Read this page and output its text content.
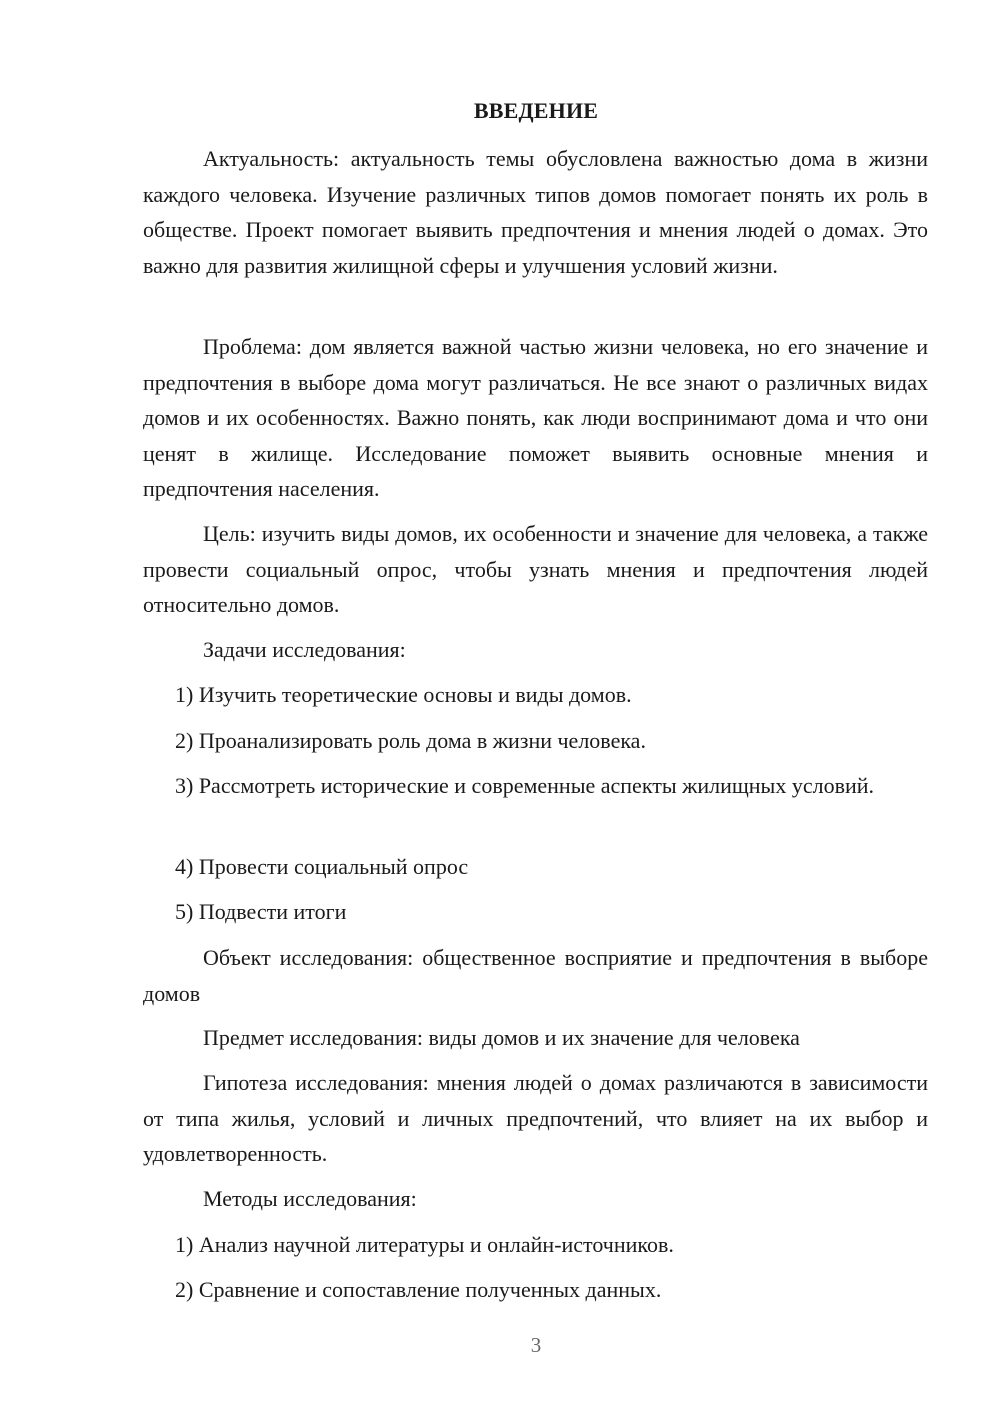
ВВЕДЕНИЕ

Актуальность: актуальность темы обусловлена важностью дома в жизни каждого человека. Изучение различных типов домов помогает понять их роль в обществе. Проект помогает выявить предпочтения и мнения людей о домах. Это важно для развития жилищной сферы и улучшения условий жизни.

Проблема: дом является важной частью жизни человека, но его значение и предпочтения в выборе дома могут различаться. Не все знают о различных видах домов и их особенностях. Важно понять, как люди воспринимают дома и что они ценят в жилище. Исследование поможет выявить основные мнения и предпочтения населения.

Цель: изучить виды домов, их особенности и значение для человека, а также провести социальный опрос, чтобы узнать мнения и предпочтения людей относительно домов.

Задачи исследования:

1) Изучить теоретические основы и виды домов.

2) Проанализировать роль дома в жизни человека.

3) Рассмотреть исторические и современные аспекты жилищных условий.

4) Провести социальный опрос

5) Подвести итоги

Объект исследования: общественное восприятие и предпочтения в выборе домов

Предмет исследования: виды домов и их значение для человека

Гипотеза исследования: мнения людей о домах различаются в зависимости от типа жилья, условий и личных предпочтений, что влияет на их выбор и удовлетворенность.

Методы исследования:

1) Анализ научной литературы и онлайн-источников.

2) Сравнение и сопоставление полученных данных.

3
